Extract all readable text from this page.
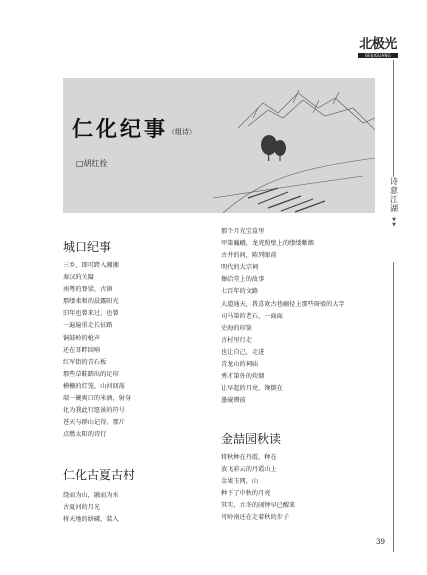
北极光
BEIJIGUANG
仁化纪事 （组诗）
□胡红拴
诗意江湖
▼
▼
城口纪事
三乡，即可跨入湘湘
秦汉的关隘
南粤的脊梁，古镇
那缕柔和的晨露阳光
旧年也曾来过，也曾
一遍遍重走长征路
铜鼓岭的枪声
还在耳畔回响
红军街的青石板
那些草鞋踏出的足印
横栅的灯笼，山河回荡
端一碗爽口的米酒，射身
化为我此行愿景的符号
苍天与群山记得，那片
点燃太阳的诗行
仁化古夏古村
绕而为山，融而为水
古夏河的月光
将天地的絣磷，装入
那个月光宝盒里
甲第巍峨，龙虎照壁上的缕缕紫烟
古井的间，陈列眼前
明代的大宗祠
擦洽堂上的故事
七百年的文路
大道通天，我喜欢古巷幽径上那些斑驳的大字
司马第的老石，一面面
史海的印鉴
古村里行走
也让自己，走进
青龙山的祠庙
秀才第外的炊烟
让早起的月亮，馋倒在
墨砚瓒前
金喆园秋读
将秋种在丹霞，种在
放飞彩云的丹霞山上
金果玉网，山
种下了中秋的月亮
其实，立冬的闹钟早已醒来
可岭南还在走着秋的步子
39
